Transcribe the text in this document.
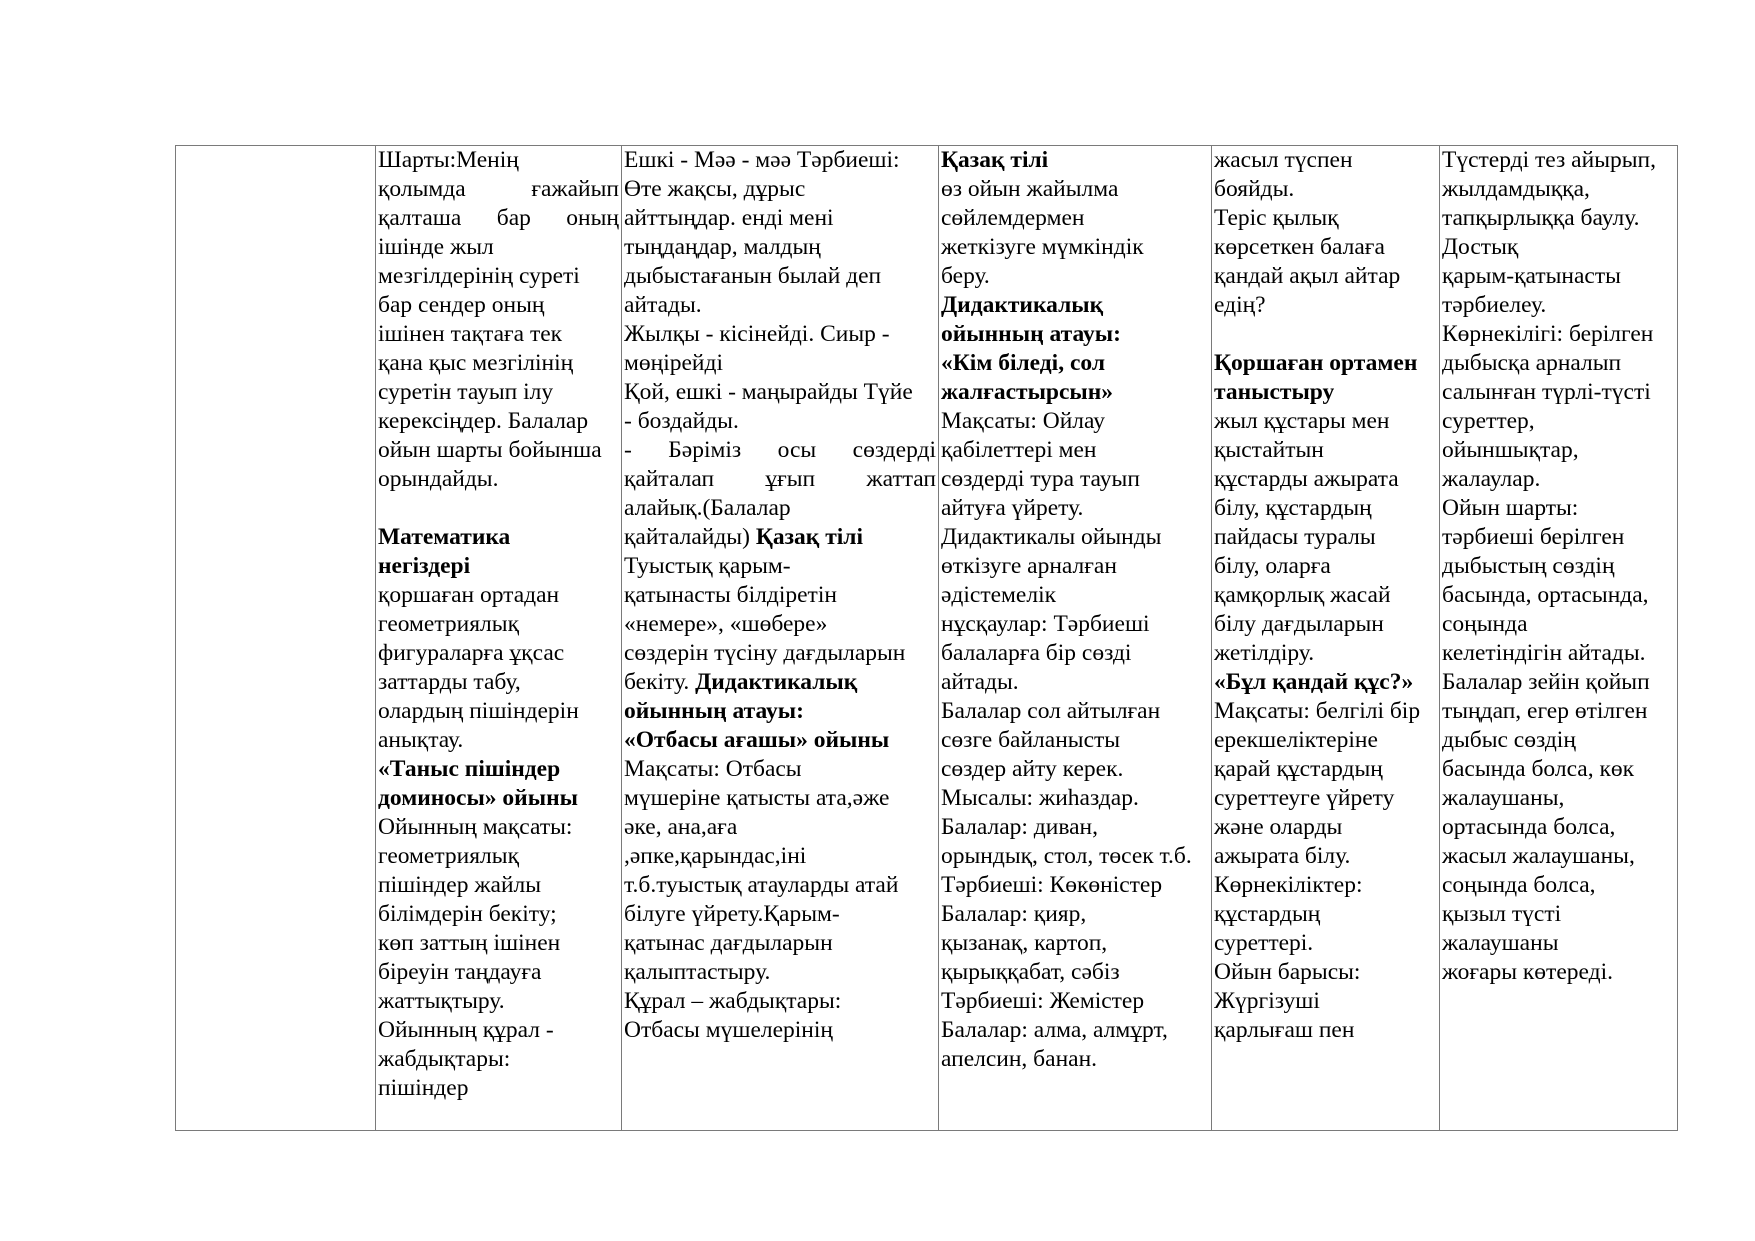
Шарты:Менің
қолымда ғажайып
қалташа бар оның
ішінде жыл
мезгілдерінің суреті
бар сендер оның
ішінен тақтаға тек
қана қыс мезгілінің
суретін тауып ілу
керексіңдер. Балалар
ойын шарты бойынша
орындайды.
Математика
негіздері
қоршаған ортадан
геометриялық
фигураларға ұқсас
заттарды табу,
олардың пішіндерін
анықтау.
«Таныс пішіндер
доминосы» ойыны
Ойынның мақсаты:
геометриялық
пішіндер жайлы
білімдерін бекіту;
көп заттың ішінен
біреуін таңдауға
жаттықтыру.
Ойынның құрал -
жабдықтары:
пішіндер

Ешкі - Мәә - мәә Тәрбиеші:
Өте жақсы, дұрыс
айттыңдар. енді мені
тыңдаңдар, малдың
дыбыстағанын былай деп
айтады.
Жылқы - кісінейді. Сиыр -
мөңірейді
Қой, ешкі - маңырайды Түйе
- боздайды.
- Бәріміз осы сөздерді
қайталап ұғып жаттап
алайық.(Балалар
қайталайды) Қазақ тілі
Туыстық қарым-
қатынасты білдіретін
«немере», «шөбере»
сөздерін түсіну дағдыларын
бекіту. Дидактикалық
ойынның атауы:
«Отбасы ағашы» ойыны
Мақсаты: Отбасы
мүшеріне қатысты ата,әже
әке, ана,аға
,әпке,қарындас,іні
т.б.туыстық атауларды атай
білуге үйрету.Қарым-
қатынас дағдыларын
қалыптастыру.
Құрал – жабдықтары:
Отбасы мүшелерінің

Қазақ тілі
өз ойын жайылма
сөйлемдермен
жеткізуге мүмкіндік
беру.
Дидактикалық
ойынның атауы:
«Кім біледі, сол
жалғастырсын»
Мақсаты: Ойлау
қабілеттері мен
сөздерді тура тауып
айтуға үйрету.
Дидактикалы ойынды
өткізуге арналған
әдістемелік
нұсқаулар: Тәрбиеші
балаларға бір сөзді
айтады.
Балалар сол айтылған
сөзге байланысты
сөздер айту керек.
Мысалы: жиһаздар.
Балалар: диван,
орындық, стол, төсек т.б.
Тәрбиеші: Көкөністер
Балалар: қияр,
қызанақ, картоп,
қырыққабат, сәбіз
Тәрбиеші: Жемістер
Балалар: алма, алмұрт,
апелсин, банан.

жасыл түспен
бояйды.
Теріс қылық
көрсеткен балаға
қандай ақыл айтар
едің?
Қоршаған ортамен
таныстыру
жыл құстары мен
қыстайтын
құстарды ажырата
білу, құстардың
пайдасы туралы
білу, оларға
қамқорлық жасай
білу дағдыларын
жетілдіру.
«Бұл қандай құс?»
Мақсаты: белгілі бір
ерекшеліктеріне
қарай құстардың
суреттеугe үйрету
және оларды
ажырата білу.
Көрнекіліктер:
құстардың
суреттері.
Ойын барысы:
Жүргізуші
қарлығаш пен

Түстерді тез айырып,
жылдамдыққа,
тапқырлыққа баулу.
Достық
қарым-қатынасты
тәрбиелеу.
Көрнекілігі: берілген
дыбысқа арналып
салынған түрлі-түсті
суреттер,
ойыншықтар,
жалаулар.
Ойын шарты:
тәрбиеші берілген
дыбыстың сөздің
басында, ортасында,
соңында
келетіндігін айтады.
Балалар зейін қойып
тыңдап, егер өтілген
дыбыс сөздің
басында болса, көк
жалаушаны,
ортасында болса,
жасыл жалаушаны,
соңында болса,
қызыл түсті
жалаушаны
жоғары көтереді.
